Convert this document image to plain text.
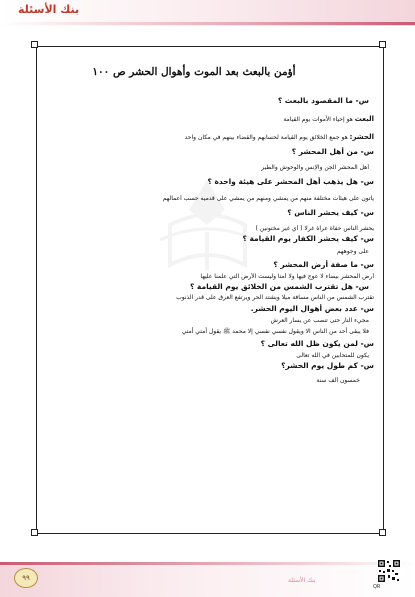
بنك الأسئلة
أؤمن بالبعث بعد الموت وأهوال الحشر ص ١٠٠
س- ما المقصود بالبعث ؟
البعث هو إحياء الأموات يوم القيامة
الحشر: هو جمع الخلائق يوم القيامة لحسابهم والقضاء بينهم في مكان واحد
س- من أهل المحشر ؟
أهل المحشر الجن والإنس والوحوش والطير
س- هل يذهب أهل المحشر على هيئة واحدة ؟
يأتون على هيئات مختلفة منهم من يمشي ومنهم من يمشي على قدميه حسب أعمالهم
س- كيف يحشر الناس ؟
يحشر الناس حفاة عراة غرلا ( أي غير مختونين )
س- كيف يحشر الكفار يوم القيامة ؟
على وجوههم
س- ما صفة أرض المحشر ؟
أرض المحشر بيضاء لا عوج فيها ولا أمتا وليست الأرض التي علمنا عليها
س- هل تقترب الشمس من الخلائق يوم القيامة ؟
تقترب الشمس من الناس مسافة ميلا ويشتد الحر ويرتفع العرق على قدر الذنوب
س- عدد بعض أهوال اليوم الحشر.
مجيء النار حتى تنصب عن يسار العرش
فلا يبقى أحد من الناس الا ويقول نفسي نفسي إلا محمد ﷺ يقول أمتي أمتي
س- لمن يكون ظل الله تعالى ؟
يكون للمتحابين في الله تعالى
س- كم طول يوم الحشر؟
خمسون ألف سنة
٩٩	بنك الأسئلة
QR
